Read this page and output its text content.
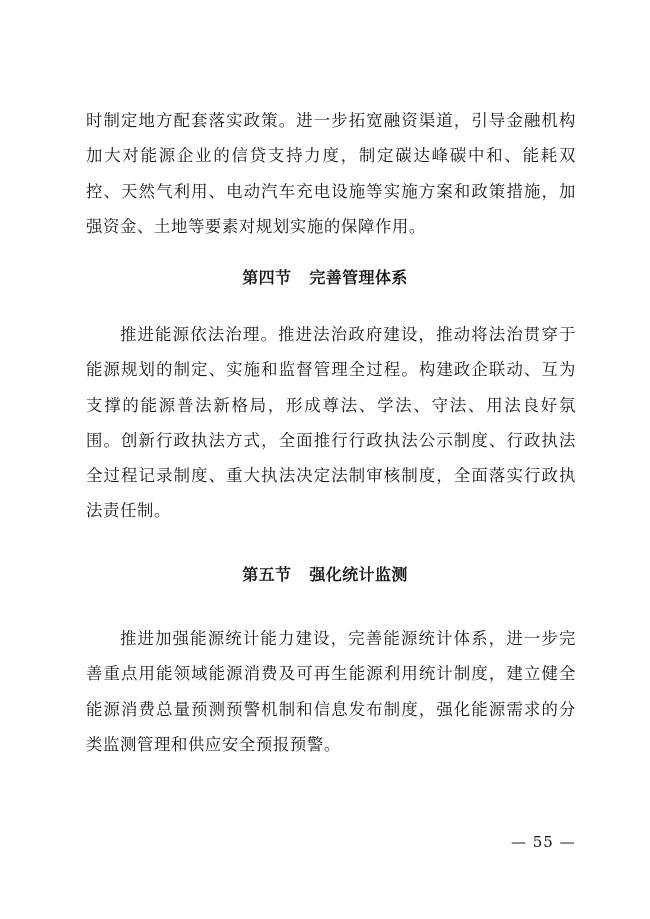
时制定地方配套落实政策。进一步拓宽融资渠道，引导金融机构加大对能源企业的信贷支持力度，制定碳达峰碳中和、能耗双控、天然气利用、电动汽车充电设施等实施方案和政策措施，加强资金、土地等要素对规划实施的保障作用。

第四节   完善管理体系

推进能源依法治理。推进法治政府建设，推动将法治贯穿于能源规划的制定、实施和监督管理全过程。构建政企联动、互为支撑的能源普法新格局，形成尊法、学法、守法、用法良好氛围。创新行政执法方式，全面推行行政执法公示制度、行政执法全过程记录制度、重大执法决定法制审核制度，全面落实行政执法责任制。

第五节   强化统计监测

推进加强能源统计能力建设，完善能源统计体系，进一步完善重点用能领域能源消费及可再生能源利用统计制度，建立健全能源消费总量预测预警机制和信息发布制度，强化能源需求的分类监测管理和供应安全预报预警。

— 55 —
